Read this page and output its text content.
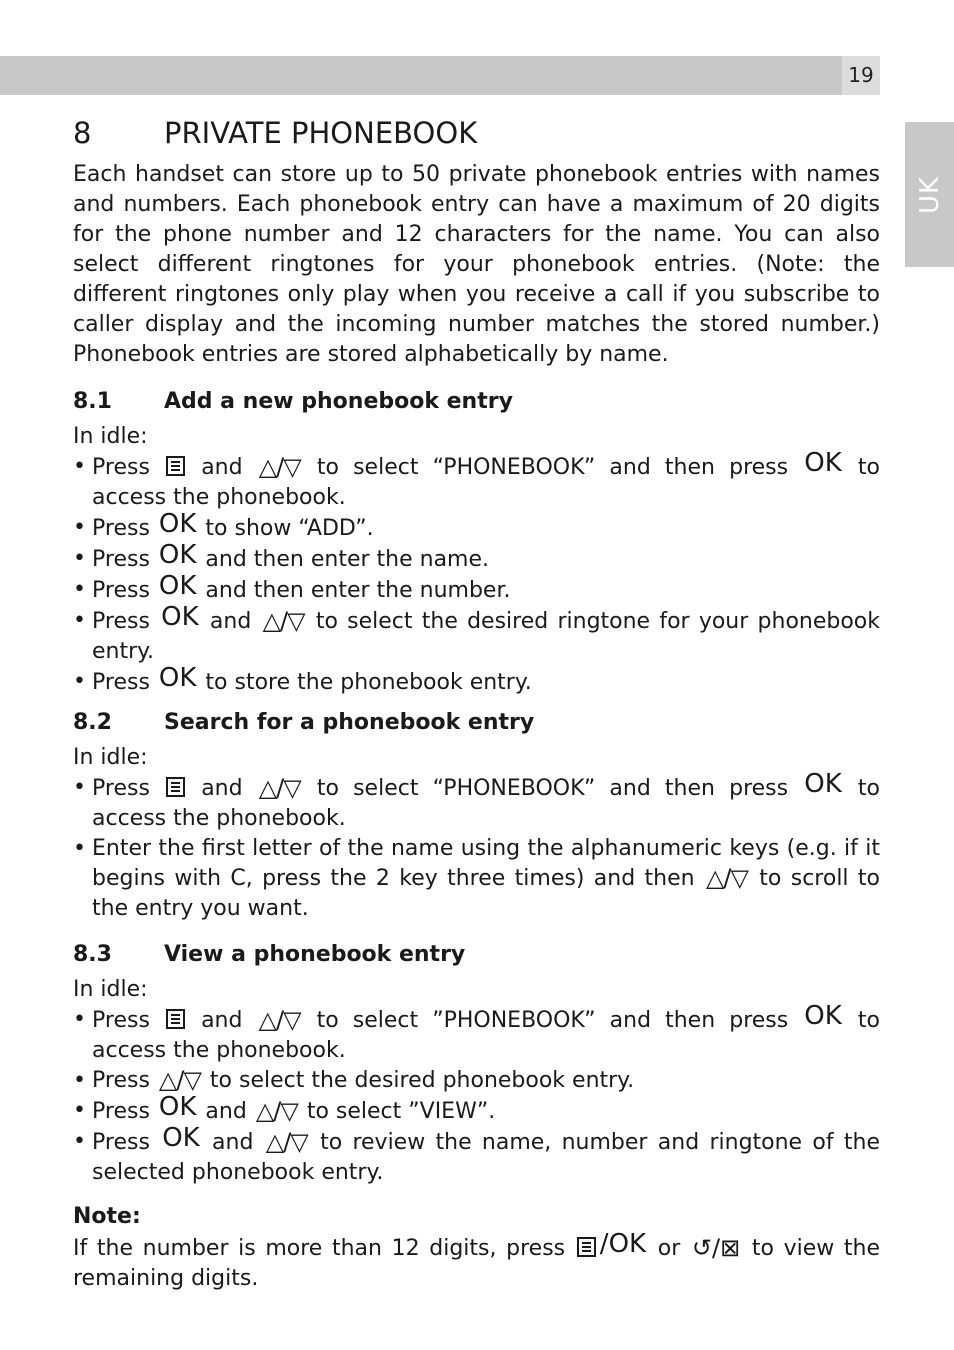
19
UK
8	PRIVATE PHONEBOOK

Each handset can store up to 50 private phonebook entries with names and numbers. Each phonebook entry can have a maximum of 20 digits for the phone number and 12 characters for the name. You can also select different ringtones for your phonebook entries. (Note: the different ringtones only play when you receive a call if you subscribe to caller display and the incoming number matches the stored number.) Phonebook entries are stored alphabetically by name.

8.1 Add a new phonebook entry
In idle:
• Press and △/▽ to select “PHONEBOOK” and then press OK to access the phonebook.
• Press OK to show “ADD”.
• Press OK and then enter the name.
• Press OK and then enter the number.
• Press OK and △/▽ to select the desired ringtone for your phonebook entry.
• Press OK to store the phonebook entry.
8.2 Search for a phonebook entry
In idle:
• Press and △/▽ to select “PHONEBOOK” and then press OK to access the phonebook.
• Enter the first letter of the name using the alphanumeric keys (e.g. if it begins with C, press the 2 key three times) and then △/▽ to scroll to the entry you want.
8.3 View a phonebook entry
In idle:
• Press and △/▽ to select ”PHONEBOOK” and then press OK to access the phonebook.
• Press △/▽ to select the desired phonebook entry.
• Press OK and △/▽ to select ”VIEW”.
• Press OK and △/▽ to review the name, number and ringtone of the selected phonebook entry.
Note:

If the number is more than 12 digits, press /OK or ↺/⊠ to view the remaining digits.
